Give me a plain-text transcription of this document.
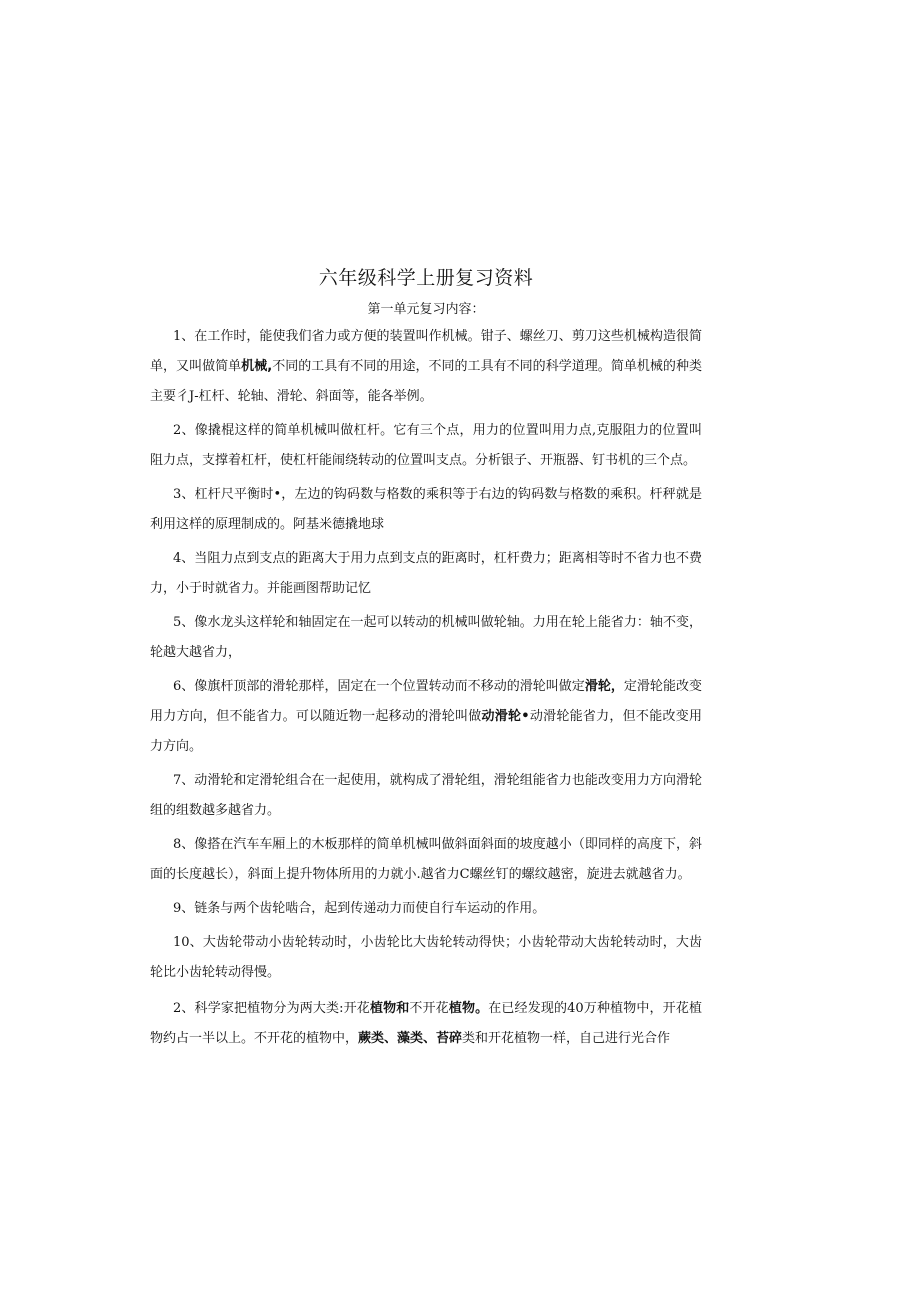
六年级科学上册复习资料
第一单元复习内容：

1、在工作时，能使我们省力或方便的装置叫作机械。钳子、螺丝刀、剪刀这些机械构造很简单，又叫做简单机械,不同的工具有不同的用途，不同的工具有不同的科学道理。简单机械的种类主要彳J-杠杆、轮轴、滑轮、斜面等，能各举例。

2、像撬棍这样的简单机械叫做杠杆。它有三个点，用力的位置叫用力点,克服阻力的位置叫阻力点，支撑着杠杆，使杠杆能闹绕转动的位置叫支点。分析银子、开瓶器、钉书机的三个点。

3、杠杆尺平衡时•，左边的钩码数与格数的乘积等于右边的钩码数与格数的乘积。杆秤就是利用这样的原理制成的。阿基米德撬地球

4、当阻力点到支点的距离大于用力点到支点的距离时，杠杆费力；距离相等时不省力也不费力，小于时就省力。并能画图帮助记忆

5、像水龙头这样轮和轴固定在一起可以转动的机械叫做轮轴。力用在轮上能省力：轴不变，轮越大越省力，

6、像旗杆顶部的滑轮那样，固定在一个位置转动而不移动的滑轮叫做定滑轮，定滑轮能改变用力方向，但不能省力。可以随近物一起移动的滑轮叫做动滑轮•动滑轮能省力，但不能改变用力方向。

7、动滑轮和定滑轮组合在一起使用，就构成了滑轮组，滑轮组能省力也能改变用力方向滑轮组的组数越多越省力。

8、像搭在汽车车厢上的木板那样的简单机械叫做斜面斜面的坡度越小（即同样的高度下，斜面的长度越长），斜面上提升物体所用的力就小.越省力C螺丝钉的螺纹越密，旋进去就越省力。

9、链条与两个齿轮啮合，起到传递动力而使自行车运动的作用。

10、大齿轮带动小齿轮转动时，小齿轮比大齿轮转动得快；小齿轮带动大齿轮转动时，大齿轮比小齿轮转动得慢。

2、科学家把植物分为两大类:开花植物和不开花植物。在已经发现的40万种植物中，开花植物约占一半以上。不开花的植物中，蕨类、藻类、苔碎类和开花植物一样，自己进行光合作
